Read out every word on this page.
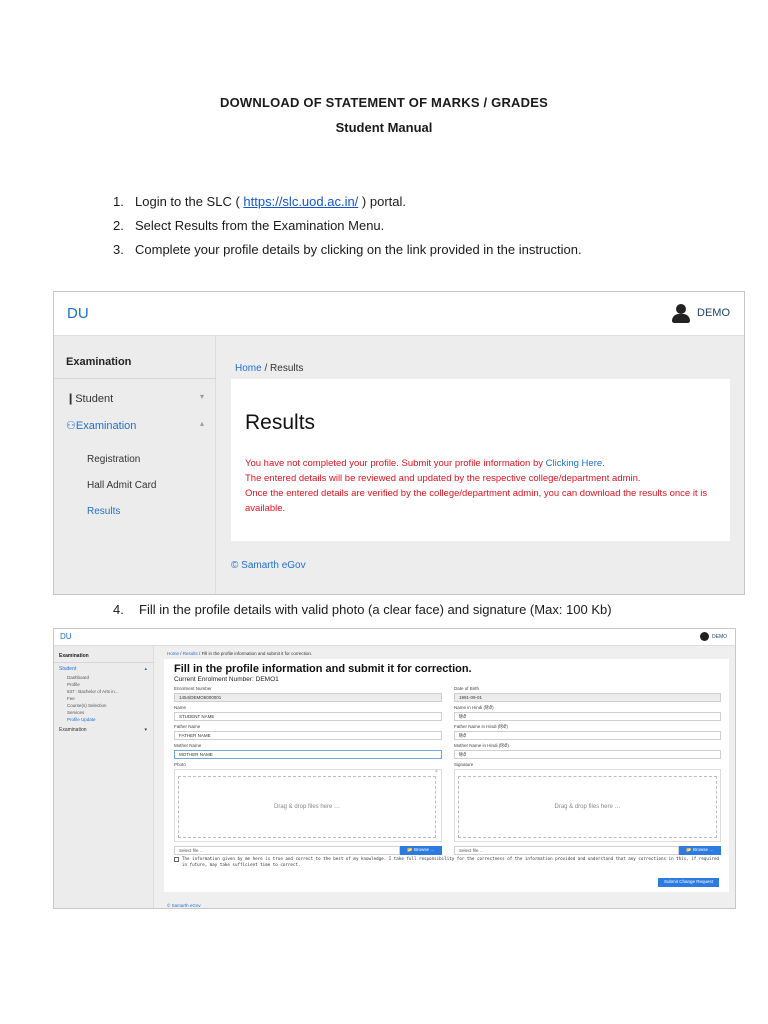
DOWNLOAD OF STATEMENT OF MARKS / GRADES
Student Manual
1. Login to the SLC ( https://slc.uod.ac.in/ ) portal.
2. Select Results from the Examination Menu.
3. Complete your profile details by clicking on the link provided in the instruction.
DU	DEMO
Examination
❙Student	▾
⚇Examination	▴
Registration
Hall Admit Card
Results
Home / Results
Results
You have not completed your profile. Submit your profile information by Clicking Here.
The entered details will be reviewed and updated by the respective college/department admin.
Once the entered details are verified by the college/department admin, you can download the results once it is
available.
© Samarth eGov
4. Fill in the profile details with valid photo (a clear face) and signature (Max: 100 Kb)
DU	DEMO
Examination
Student	▴
Dashboard
Profile
637 : Bachelor of Arts in...
Fee
Course(s) Selection
Services
Profile Update
Examination	▾
Home / Results / Fill in the profile information and submit it for correction.
Fill in the profile information and submit it for correction.
Current Enrolment Number: DEMO1
Enrolment Number
1454/DEMO5000001
Date of Birth
1991-09-01
Name
STUDENT NAME
Name in Hindi (हिंदी)
हिंदी
Father Name
FATHER NAME
Father Name in Hindi (हिंदी)
हिंदी
Mother Name
MOTHER NAME
Mother Name in Hindi (हिंदी)
हिंदी
Photo
×
Drag & drop files here …
Select file ...	📂 Browse …
Signature
Drag & drop files here …
Select file ...	📂 Browse …
The information given by me here is true and correct to the best of my knowledge. I take full responsibility for the correctness of the information provided and understand that any corrections in this, if required in future, may take sufficient time to correct.
Submit Change Request
© Samarth eGov
